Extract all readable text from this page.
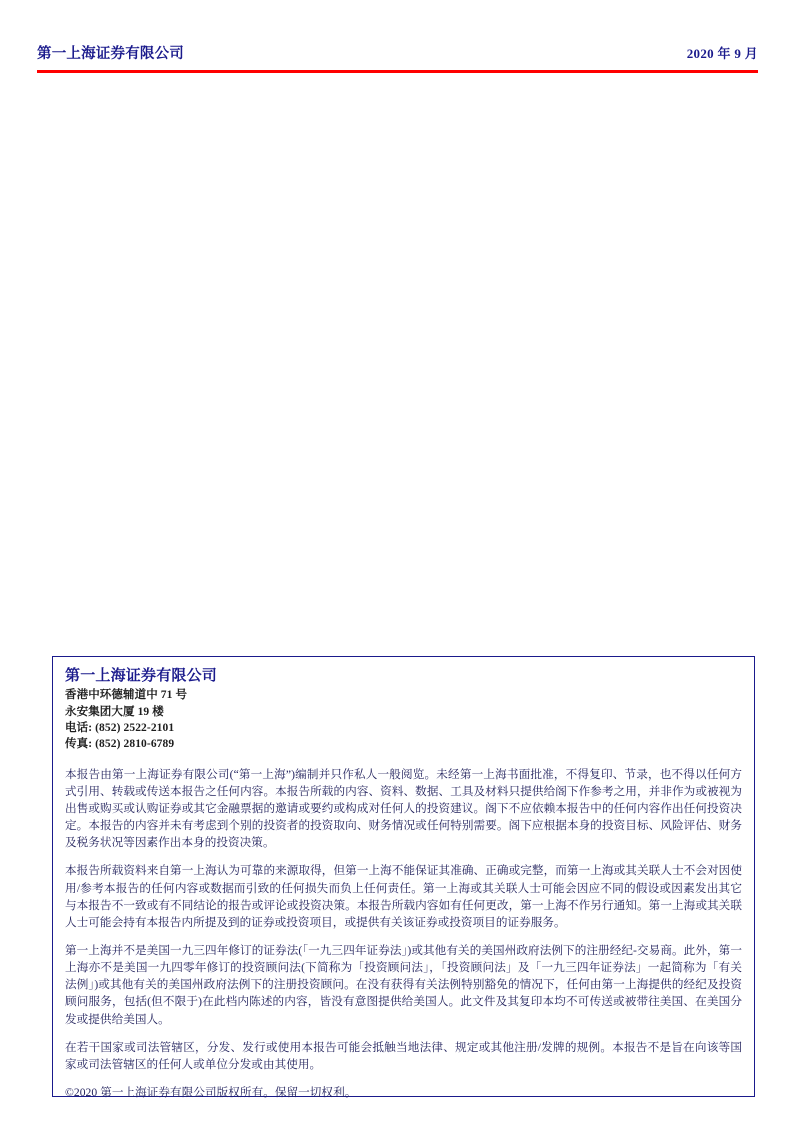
第一上海证券有限公司	2020 年 9 月
第一上海证券有限公司
香港中环德辅道中 71 号
永安集团大厦 19 楼
电话: (852) 2522-2101
传真: (852) 2810-6789

本报告由第一上海证券有限公司(“第一上海”)编制并只作私人一般阅览。未经第一上海书面批准，不得复印、节录，也不得以任何方式引用、转载或传送本报告之任何内容。本报告所载的内容、资料、数据、工具及材料只提供给阁下作参考之用，并非作为或被视为出售或购买或认购证券或其它金融票据的邀请或要约或构成对任何人的投资建议。阁下不应依赖本报告中的任何内容作出任何投资决定。本报告的内容并未有考虑到个别的投资者的投资取向、财务情况或任何特别需要。阁下应根据本身的投资目标、风险评估、财务及税务状况等因素作出本身的投资决策。

本报告所载资料来自第一上海认为可靠的来源取得，但第一上海不能保证其准确、正确或完整，而第一上海或其关联人士不会对因使用/参考本报告的任何内容或数据而引致的任何损失而负上任何责任。第一上海或其关联人士可能会因应不同的假设或因素发出其它与本报告不一致或有不同结论的报告或评论或投资决策。本报告所载内容如有任何更改，第一上海不作另行通知。第一上海或其关联人士可能会持有本报告内所提及到的证券或投资项目，或提供有关该证券或投资项目的证券服务。

第一上海并不是美国一九三四年修订的证券法(「一九三四年证券法」)或其他有关的美国州政府法例下的注册经纪-交易商。此外，第一上海亦不是美国一九四零年修订的投资顾问法(下简称为「投资顾问法」，「投资顾问法」及「一九三四年证券法」一起简称为「有关法例」)或其他有关的美国州政府法例下的注册投资顾问。在没有获得有关法例特别豁免的情况下，任何由第一上海提供的经纪及投资顾问服务，包括(但不限于)在此档内陈述的内容，皆没有意图提供给美国人。此文件及其复印本均不可传送或被带往美国、在美国分发或提供给美国人。

在若干国家或司法管辖区，分发、发行或使用本报告可能会抵触当地法律、规定或其他注册/发牌的规例。本报告不是旨在向该等国家或司法管辖区的任何人或单位分发或由其使用。

©2020 第一上海证券有限公司版权所有。保留一切权利。
